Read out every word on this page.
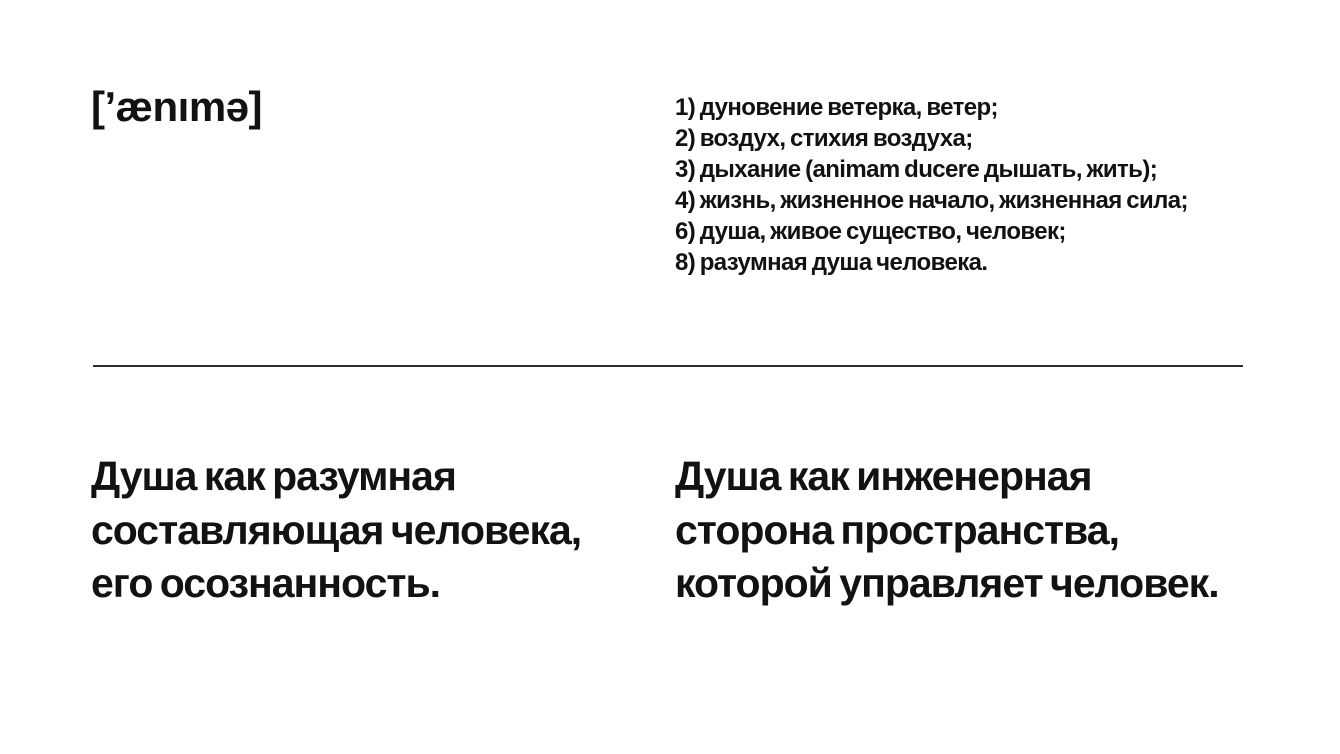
[’ænımə]	1) дуновение ветерка, ветер;
2) воздух, стихия воздуха;
3) дыхание (animam ducere дышать, жить);
4) жизнь, жизненное начало, жизненная сила;
6) душа, живое существо, человек;
8) разумная душа человека.
Душа как разумная
составляющая человека,
его осознанность.
Душа как инженерная
сторона пространства,
которой управляет человек.
